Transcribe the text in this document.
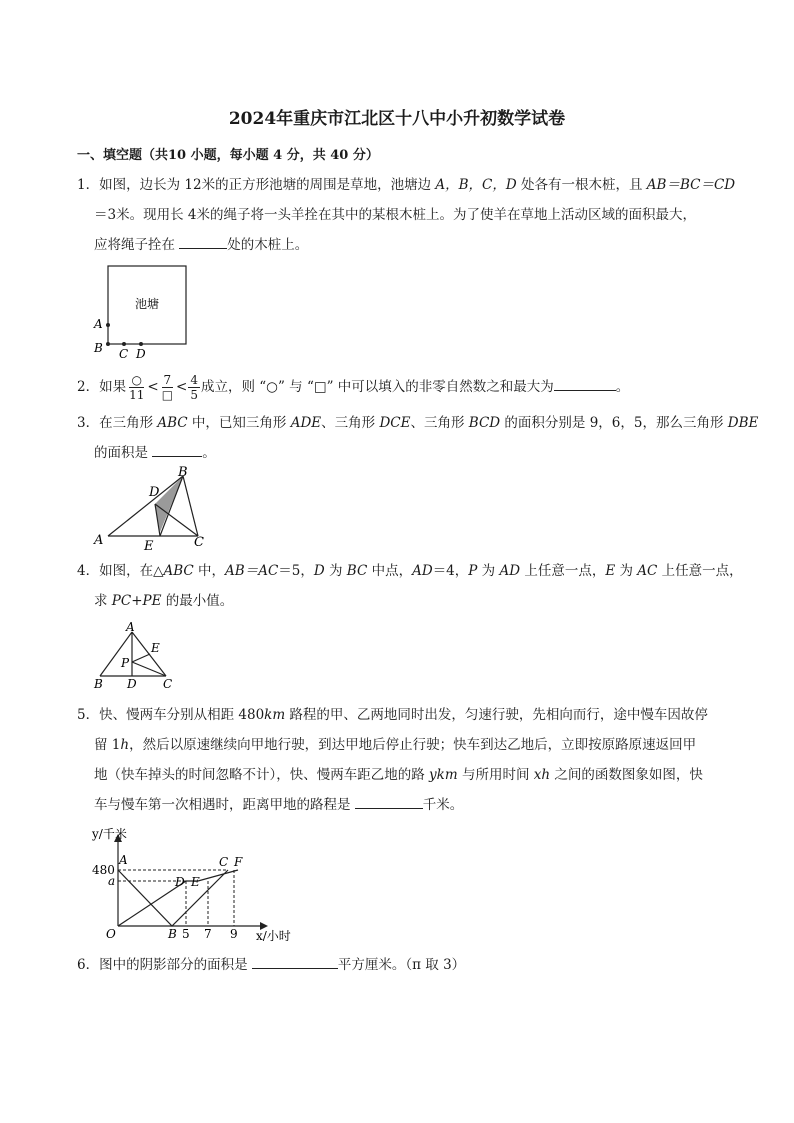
2024年重庆市江北区十八中小升初数学试卷
一、填空题（共10 小题，每小题 4 分，共 40 分）
1．如图，边长为 12米的正方形池塘的周围是草地，池塘边 A，B，C，D 处各有一根木桩，且 AB＝BC＝CD
＝3米。现用长 4米的绳子将一头羊拴在其中的某根木桩上。为了使羊在草地上活动区域的面积最大，
应将绳子拴在	处的木桩上。
池塘
A
B C D
2．如果 $\frac{○}{11} < \frac{7}{□} < \frac{4}{5}$ 成立，则 “○” 与 “□” 中可以填入的非零自然数之和最大为	。
3．在三角形 ABC 中，已知三角形 ADE、三角形 DCE、三角形 BCD 的面积分别是 9，6，5，那么三角形 DBE
的面积是	。
A
B
C
D
E
4．如图，在△ABC 中，AB＝AC＝5，D 为 BC 中点，AD＝4，P 为 AD 上任意一点，E 为 AC 上任意一点，
求 PC+PE 的最小值。
A
B D C
E
P
5．快、慢两车分别从相距 480km 路程的甲、乙两地同时出发，匀速行驶，先相向而行，途中慢车因故停
留 1h，然后以原速继续向甲地行驶，到达甲地后停止行驶；快车到达乙地后，立即按原路原速返回甲
地（快车掉头的时间忽略不计），快、慢两车距乙地的路 ykm 与所用时间 xh 之间的函数图象如图，快
车与慢车第一次相遇时，距离甲地的路程是	千米。
y/千米
x/小时
O
480
a
5 7 9
A
B
C
D E
F
6．图中的阴影部分的面积是	平方厘米。（π 取 3）
